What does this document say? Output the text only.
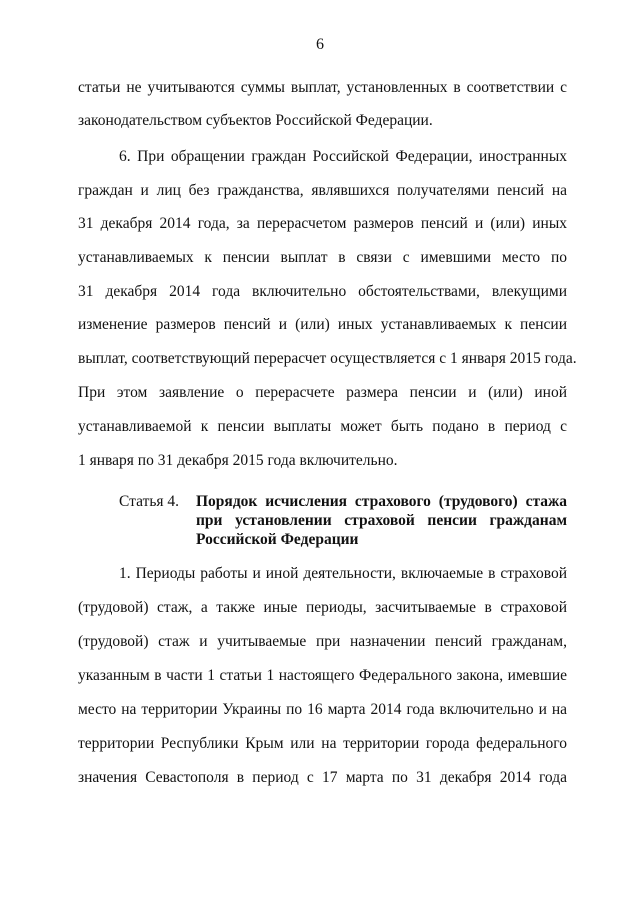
6
статьи не учитываются суммы выплат, установленных в соответствии с
законодательством субъектов Российской Федерации.
6. При обращении граждан Российской Федерации, иностранных
граждан и лиц без гражданства, являвшихся получателями пенсий на
31 декабря 2014 года, за перерасчетом размеров пенсий и (или) иных
устанавливаемых к пенсии выплат в связи с имевшими место по
31 декабря 2014 года включительно обстоятельствами, влекущими
изменение размеров пенсий и (или) иных устанавливаемых к пенсии
выплат, соответствующий перерасчет осуществляется с 1 января 2015 года.
При этом заявление о перерасчете размера пенсии и (или) иной
устанавливаемой к пенсии выплаты может быть подано в период с
1 января по 31 декабря 2015 года включительно.
Статья 4. Порядок исчисления страхового (трудового) стажа
при установлении страховой пенсии гражданам
Российской Федерации
1. Периоды работы и иной деятельности, включаемые в страховой
(трудовой) стаж, а также иные периоды, засчитываемые в страховой
(трудовой) стаж и учитываемые при назначении пенсий гражданам,
указанным в части 1 статьи 1 настоящего Федерального закона, имевшие
место на территории Украины по 16 марта 2014 года включительно и на
территории Республики Крым или на территории города федерального
значения Севастополя в период с 17 марта по 31 декабря 2014 года
